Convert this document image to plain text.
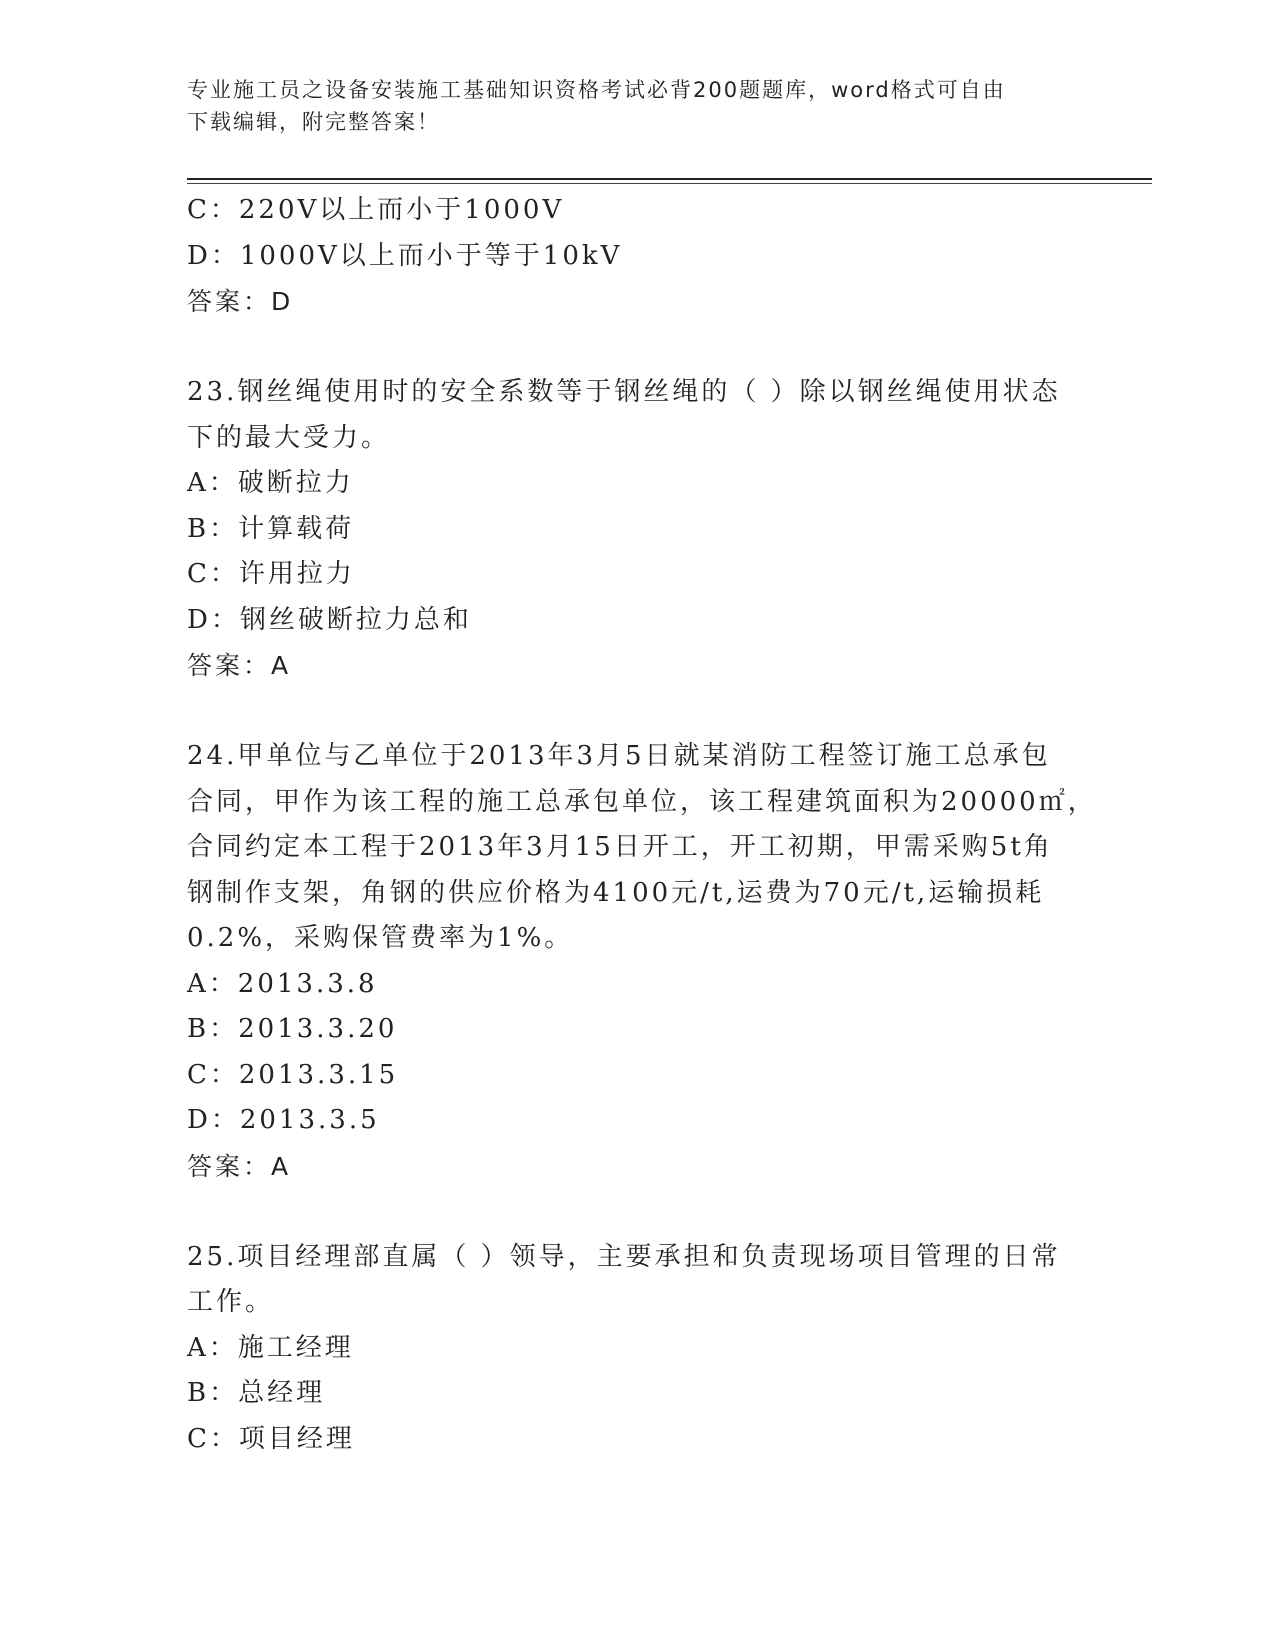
专业施工员之设备安装施工基础知识资格考试必背200题题库，word格式可自由
下载编辑，附完整答案！
C：220V以上而小于1000V
D：1000V以上而小于等于10kV
答案：D
23.钢丝绳使用时的安全系数等于钢丝绳的（ ）除以钢丝绳使用状态
下的最大受力。
A：破断拉力
B：计算载荷
C：许用拉力
D：钢丝破断拉力总和
答案：A
24.甲单位与乙单位于2013年3月5日就某消防工程签订施工总承包
合同，甲作为该工程的施工总承包单位，该工程建筑面积为20000㎡，
合同约定本工程于2013年3月15日开工，开工初期，甲需采购5t角
钢制作支架，角钢的供应价格为4100元/t,运费为70元/t,运输损耗
0.2%，采购保管费率为1%。
A：2013.3.8
B：2013.3.20
C：2013.3.15
D：2013.3.5
答案：A
25.项目经理部直属（ ）领导，主要承担和负责现场项目管理的日常
工作。
A：施工经理
B：总经理
C：项目经理
